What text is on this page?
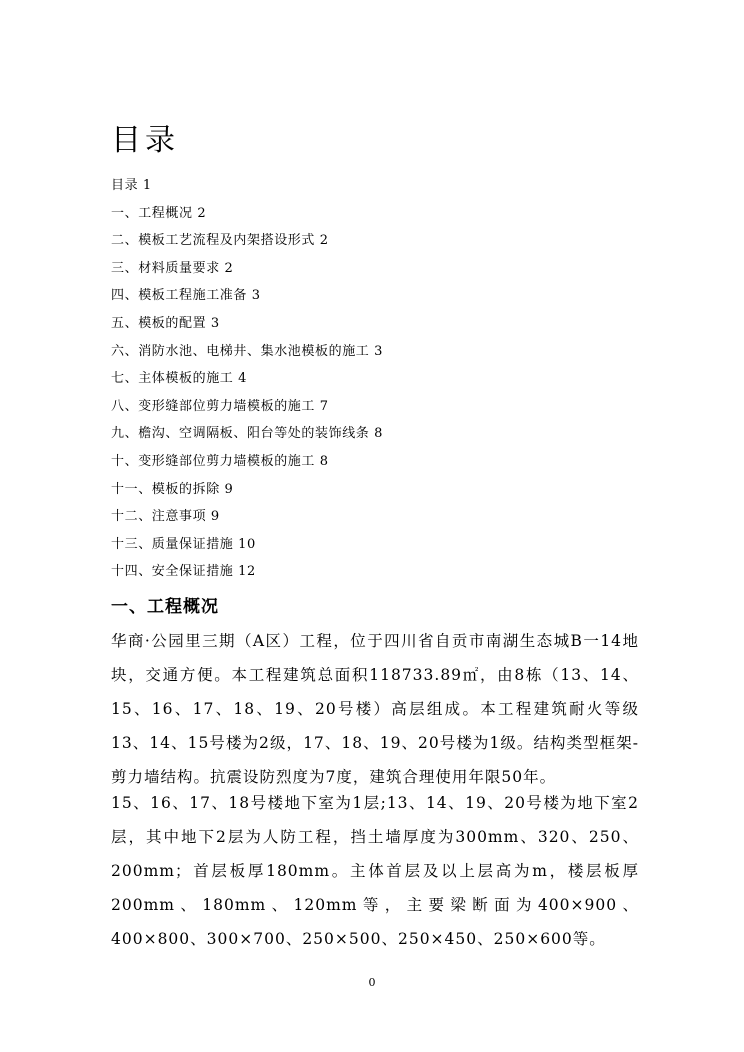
目录
目录 1
一、工程概况 2
二、模板工艺流程及内架搭设形式 2
三、材料质量要求 2
四、模板工程施工准备 3
五、模板的配置 3
六、消防水池、电梯井、集水池模板的施工 3
七、主体模板的施工 4
八、变形缝部位剪力墙模板的施工 7
九、檐沟、空调隔板、阳台等处的装饰线条 8
十、变形缝部位剪力墙模板的施工 8
十一、模板的拆除 9
十二、注意事项 9
十三、质量保证措施 10
十四、安全保证措施 12
一、工程概况

华商·公园里三期（A区）工程，位于四川省自贡市南湖生态城B一14地块，交通方便。本工程建筑总面积118733.89㎡，由8栋（13、14、15、16、17、18、19、20号楼）高层组成。本工程建筑耐火等级13、14、15号楼为2级，17、18、19、20号楼为1级。结构类型框架-剪力墙结构。抗震设防烈度为7度，建筑合理使用年限50年。

15、16、17、18号楼地下室为1层;13、14、19、20号楼为地下室2层，其中地下2层为人防工程，挡土墙厚度为300mm、320、250、200mm；首层板厚180mm。主体首层及以上层高为m，楼层板厚200mm、180mm、120mm等，主要梁断面为400×900、400×800、300×700、250×500、250×450、250×600等。

0
